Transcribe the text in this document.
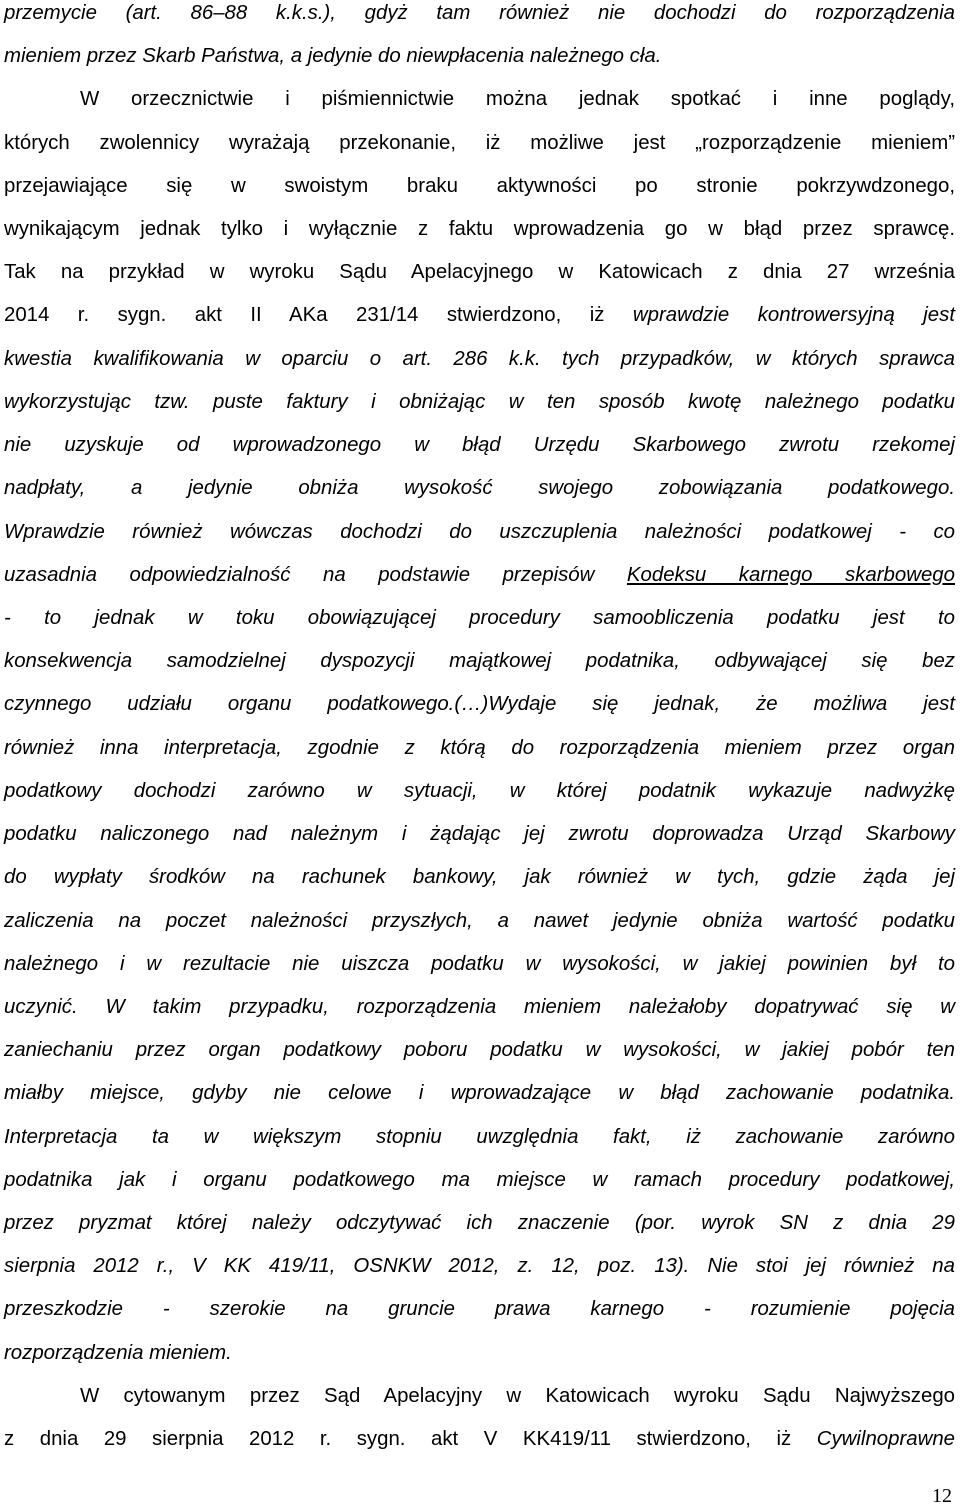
przemycie (art. 86–88 k.k.s.), gdyż tam również nie dochodzi do rozporządzenia
mieniem przez Skarb Państwa, a jedynie do niewpłacenia należnego cła.
W orzecznictwie i piśmiennictwie można jednak spotkać i inne poglądy,
których zwolennicy wyrażają przekonanie, iż możliwe jest „rozporządzenie mieniem”
przejawiające się w swoistym braku aktywności po stronie pokrzywdzonego,
wynikającym jednak tylko i wyłącznie z faktu wprowadzenia go w błąd przez sprawcę.
Tak na przykład w wyroku Sądu Apelacyjnego w Katowicach z dnia 27 września
2014 r. sygn. akt II AKa 231/14 stwierdzono, iż wprawdzie kontrowersyjną jest
kwestia kwalifikowania w oparciu o art. 286 k.k. tych przypadków, w których sprawca
wykorzystując tzw. puste faktury i obniżając w ten sposób kwotę należnego podatku
nie uzyskuje od wprowadzonego w błąd Urzędu Skarbowego zwrotu rzekomej
nadpłaty, a jedynie obniża wysokość swojego zobowiązania podatkowego.
Wprawdzie również wówczas dochodzi do uszczuplenia należności podatkowej - co
uzasadnia odpowiedzialność na podstawie przepisów Kodeksu karnego skarbowego
- to jednak w toku obowiązującej procedury samoobliczenia podatku jest to
konsekwencja samodzielnej dyspozycji majątkowej podatnika, odbywającej się bez
czynnego udziału organu podatkowego.(…)Wydaje się jednak, że możliwa jest
również inna interpretacja, zgodnie z którą do rozporządzenia mieniem przez organ
podatkowy dochodzi zarówno w sytuacji, w której podatnik wykazuje nadwyżkę
podatku naliczonego nad należnym i żądając jej zwrotu doprowadza Urząd Skarbowy
do wypłaty środków na rachunek bankowy, jak również w tych, gdzie żąda jej
zaliczenia na poczet należności przyszłych, a nawet jedynie obniża wartość podatku
należnego i w rezultacie nie uiszcza podatku w wysokości, w jakiej powinien był to
uczynić. W takim przypadku, rozporządzenia mieniem należałoby dopatrywać się w
zaniechaniu przez organ podatkowy poboru podatku w wysokości, w jakiej pobór ten
miałby miejsce, gdyby nie celowe i wprowadzające w błąd zachowanie podatnika.
Interpretacja ta w większym stopniu uwzględnia fakt, iż zachowanie zarówno
podatnika jak i organu podatkowego ma miejsce w ramach procedury podatkowej,
przez pryzmat której należy odczytywać ich znaczenie (por. wyrok SN z dnia 29
sierpnia 2012 r., V KK 419/11, OSNKW 2012, z. 12, poz. 13). Nie stoi jej również na
przeszkodzie - szerokie na gruncie prawa karnego - rozumienie pojęcia
rozporządzenia mieniem.
W cytowanym przez Sąd Apelacyjny w Katowicach wyroku Sądu Najwyższego
z dnia 29 sierpnia 2012 r. sygn. akt V KK419/11 stwierdzono, iż Cywilnoprawne
12
